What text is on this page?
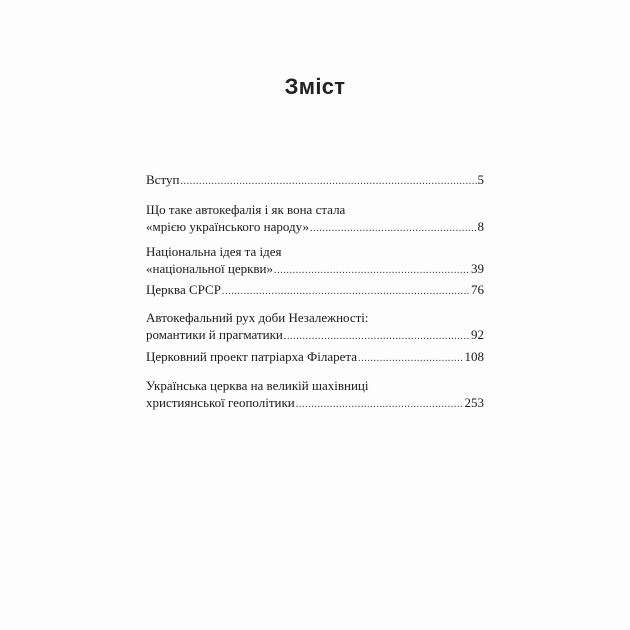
Зміст
Вступ .....	5
Що таке автокефалія і як вона стала
«мрією українського народу» .....	8
Національна ідея та ідея
«національної церкви» .....	39
Церква СРСР .....	76
Автокефальний рух доби Незалежності:
романтики й прагматики .....	92
Церковний проект патріарха Філарета .....	108
Українська церква на великій шахівниці
християнської геополітики .....	253
